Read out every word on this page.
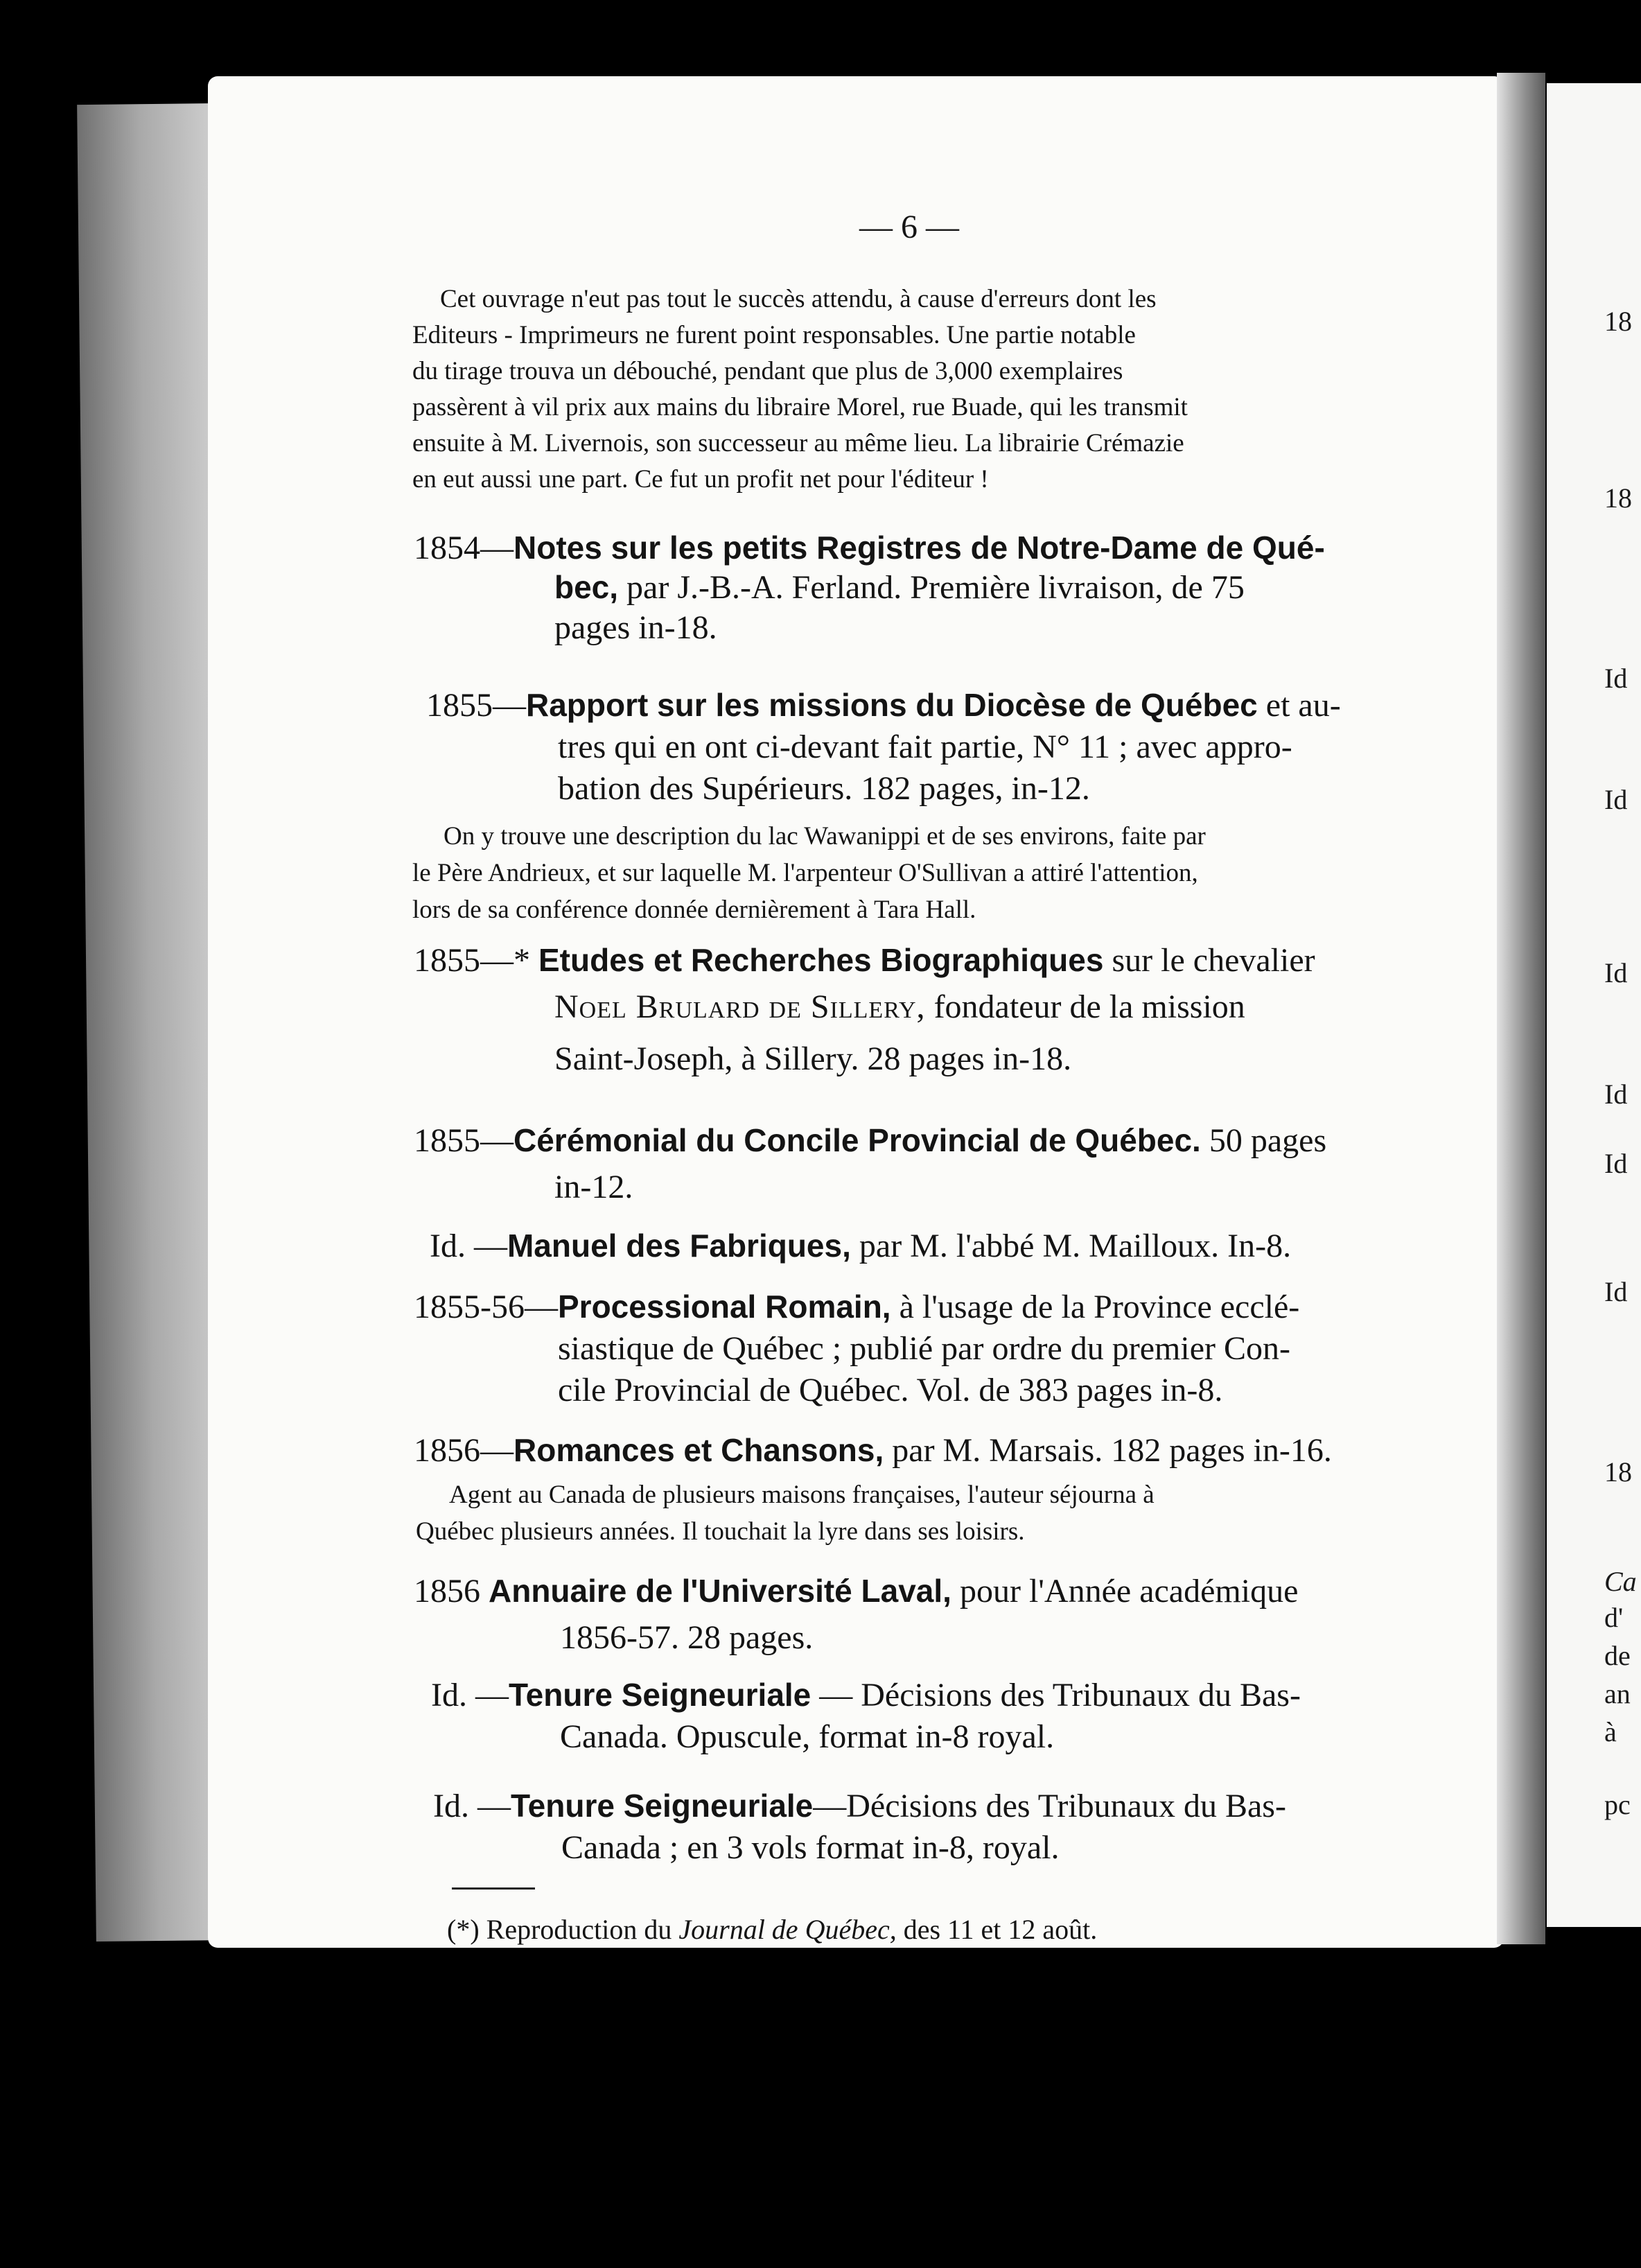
— 6 —
Cet ouvrage n'eut pas tout le succès attendu, à cause d'erreurs dont les
Editeurs - Imprimeurs ne furent point responsables. Une partie notable
du tirage trouva un débouché, pendant que plus de 3,000 exemplaires
passèrent à vil prix aux mains du libraire Morel, rue Buade, qui les transmit
ensuite à M. Livernois, son successeur au même lieu. La librairie Crémazie
en eut aussi une part. Ce fut un profit net pour l'éditeur !
1854—Notes sur les petits Registres de Notre-Dame de Qué-
bec, par J.-B.-A. Ferland. Première livraison, de 75
pages in-18.
1855—Rapport sur les missions du Diocèse de Québec et au-
tres qui en ont ci-devant fait partie, N° 11 ; avec appro-
bation des Supérieurs. 182 pages, in-12.
On y trouve une description du lac Wawanippi et de ses environs, faite par
le Père Andrieux, et sur laquelle M. l'arpenteur O'Sullivan a attiré l'attention,
lors de sa conférence donnée dernièrement à Tara Hall.
1855—* Etudes et Recherches Biographiques sur le chevalier
Noel Brulard de Sillery, fondateur de la mission
Saint-Joseph, à Sillery. 28 pages in-18.
1855—Cérémonial du Concile Provincial de Québec. 50 pages
in-12.
Id. —Manuel des Fabriques, par M. l'abbé M. Mailloux. In-8.
1855-56—Processional Romain, à l'usage de la Province ecclé-
siastique de Québec ; publié par ordre du premier Con-
cile Provincial de Québec. Vol. de 383 pages in-8.
1856—Romances et Chansons, par M. Marsais. 182 pages in-16.
Agent au Canada de plusieurs maisons françaises, l'auteur séjourna à
Québec plusieurs années. Il touchait la lyre dans ses loisirs.
1856 Annuaire de l'Université Laval, pour l'Année académique
1856-57. 28 pages.
Id. —Tenure Seigneuriale — Décisions des Tribunaux du Bas-
Canada. Opuscule, format in-8 royal.
Id. —Tenure Seigneuriale—Décisions des Tribunaux du Bas-
Canada ; en 3 vols format in-8, royal.
(*) Reproduction du Journal de Québec, des 11 et 12 août.
18
18
Id
Id
Id
Id
Id
Id
18
Ca
d'
de
an
à
pc
